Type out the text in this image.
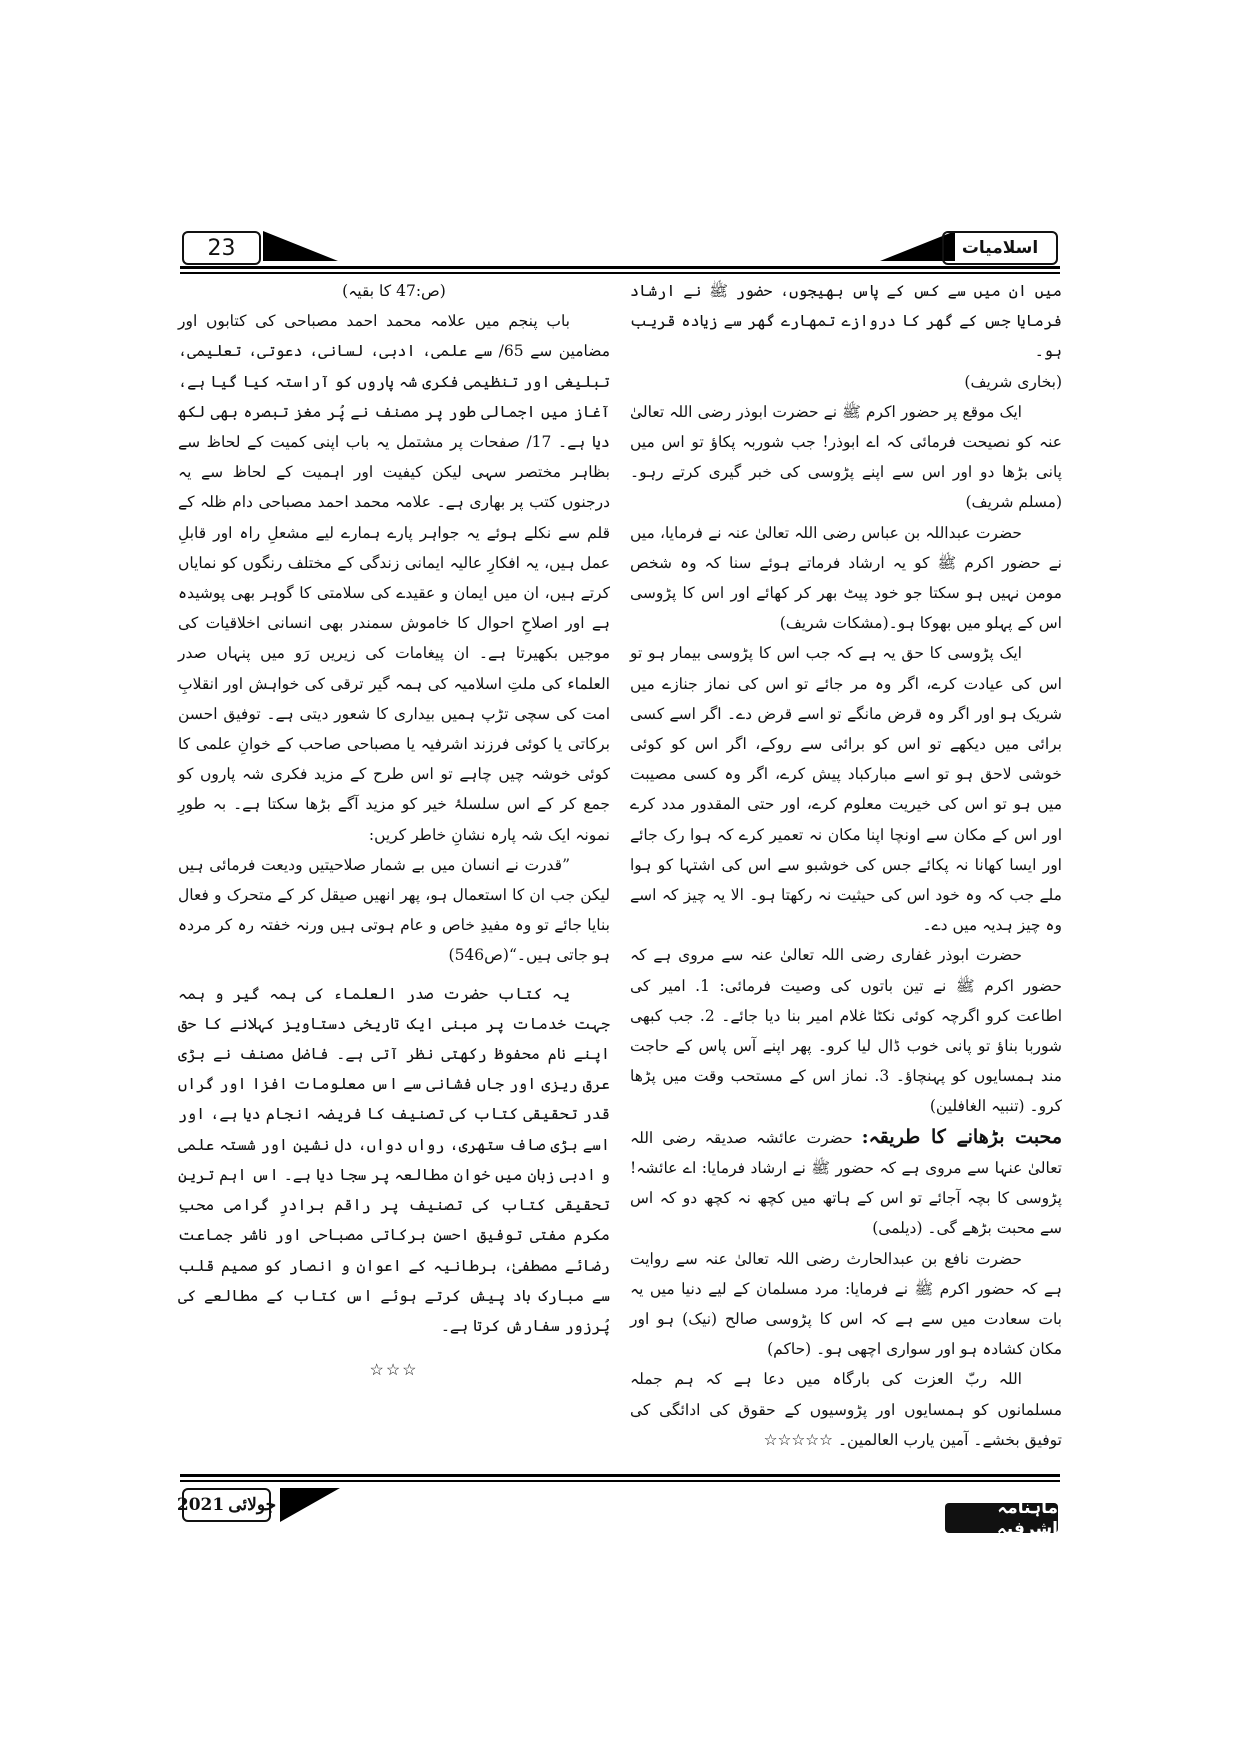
23	اسلامیات

میں ان میں سے کس کے پاس بھیجوں، حضور ﷺ نے ارشاد فرمایا جس کے گھر کا دروازے تمھارے گھر سے زیادہ قریب ہو۔

(بخاری شریف)

ایک موقع پر حضور اکرم ﷺ نے حضرت ابوذر رضی اللہ تعالیٰ عنہ کو نصیحت فرمائی کہ اے ابوذر! جب شوربہ پکاؤ تو اس میں پانی بڑھا دو اور اس سے اپنے پڑوسی کی خبر گیری کرتے رہو۔(مسلم شریف)

حضرت عبداللہ بن عباس رضی اللہ تعالیٰ عنہ نے فرمایا، میں نے حضور اکرم ﷺ کو یہ ارشاد فرماتے ہوئے سنا کہ وہ شخص مومن نہیں ہو سکتا جو خود پیٹ بھر کر کھائے اور اس کا پڑوسی اس کے پہلو میں بھوکا ہو۔(مشکات شریف)

ایک پڑوسی کا حق یہ ہے کہ جب اس کا پڑوسی بیمار ہو تو اس کی عیادت کرے، اگر وہ مر جائے تو اس کی نماز جنازے میں شریک ہو اور اگر وہ قرض مانگے تو اسے قرض دے۔ اگر اسے کسی برائی میں دیکھے تو اس کو برائی سے روکے، اگر اس کو کوئی خوشی لاحق ہو تو اسے مبارکباد پیش کرے، اگر وہ کسی مصیبت میں ہو تو اس کی خیریت معلوم کرے، اور حتی المقدور مدد کرے اور اس کے مکان سے اونچا اپنا مکان نہ تعمیر کرے کہ ہوا رک جائے اور ایسا کھانا نہ پکائے جس کی خوشبو سے اس کی اشتہا کو ہوا ملے جب کہ وہ خود اس کی حیثیت نہ رکھتا ہو۔ الا یہ چیز کہ اسے وہ چیز ہدیہ میں دے۔

حضرت ابوذر غفاری رضی اللہ تعالیٰ عنہ سے مروی ہے کہ حضور اکرم ﷺ نے تین باتوں کی وصیت فرمائی: 1. امیر کی اطاعت کرو اگرچہ کوئی نکٹا غلام امیر بنا دیا جائے۔ 2. جب کبھی شوربا بناؤ تو پانی خوب ڈال لیا کرو۔ پھر اپنے آس پاس کے حاجت مند ہمسایوں کو پہنچاؤ۔ 3. نماز اس کے مستحب وقت میں پڑھا کرو۔ (تنبیہ الغافلین)

محبت بڑھانے کا طریقہ: حضرت عائشہ صدیقہ رضی اللہ تعالیٰ عنہا سے مروی ہے کہ حضور ﷺ نے ارشاد فرمایا: اے عائشہ! پڑوسی کا بچہ آجائے تو اس کے ہاتھ میں کچھ نہ کچھ دو کہ اس سے محبت بڑھے گی۔ (دیلمی)

حضرت نافع بن عبدالحارث رضی اللہ تعالیٰ عنہ سے روایت ہے کہ حضور اکرم ﷺ نے فرمایا: مرد مسلمان کے لیے دنیا میں یہ بات سعادت میں سے ہے کہ اس کا پڑوسی صالح (نیک) ہو اور مکان کشادہ ہو اور سواری اچھی ہو۔ (حاکم)

اللہ ربّ العزت کی بارگاہ میں دعا ہے کہ ہم جملہ مسلمانوں کو ہمسایوں اور پڑوسیوں کے حقوق کی ادائگی کی توفیق بخشے۔ آمین یارب العالمین۔ ☆☆☆☆☆

(ص:47 کا بقیہ)

باب پنجم میں علامہ محمد احمد مصباحی کی کتابوں اور مضامین سے 65/ سے علمی، ادبی، لسانی، دعوتی، تعلیمی، تبلیغی اور تنظیمی فکری شہ پاروں کو آراستہ کیا گیا ہے، آغاز میں اجمالی طور پر مصنف نے پُر مغز تبصرہ بھی لکھ دیا ہے۔ 17/ صفحات پر مشتمل یہ باب اپنی کمیت کے لحاظ سے بظاہر مختصر سہی لیکن کیفیت اور اہمیت کے لحاظ سے یہ درجنوں کتب پر بھاری ہے۔ علامہ محمد احمد مصباحی دام ظلہ کے قلم سے نکلے ہوئے یہ جواہر پارے ہمارے لیے مشعلِ راہ اور قابلِ عمل ہیں، یہ افکارِ عالیہ ایمانی زندگی کے مختلف رنگوں کو نمایاں کرتے ہیں، ان میں ایمان و عقیدے کی سلامتی کا گوہر بھی پوشیدہ ہے اور اصلاحِ احوال کا خاموش سمندر بھی انسانی اخلاقیات کی موجیں بکھیرتا ہے۔ ان پیغامات کی زیریں رَو میں پنہاں صدر العلماء کی ملتِ اسلامیہ کی ہمہ گیر ترقی کی خواہش اور انقلابِ امت کی سچی تڑپ ہمیں بیداری کا شعور دیتی ہے۔ توفیق احسن برکاتی یا کوئی فرزند اشرفیہ یا مصباحی صاحب کے خوانِ علمی کا کوئی خوشہ چیں چاہے تو اس طرح کے مزید فکری شہ پاروں کو جمع کر کے اس سلسلۂ خیر کو مزید آگے بڑھا سکتا ہے۔ بہ طورِ نمونہ ایک شہ پارہ نشانِ خاطر کریں:

”قدرت نے انسان میں بے شمار صلاحیتیں ودیعت فرمائی ہیں لیکن جب ان کا استعمال ہو، پھر انھیں صیقل کر کے متحرک و فعال بنایا جائے تو وہ مفیدِ خاص و عام ہوتی ہیں ورنہ خفتہ رہ کر مردہ ہو جاتی ہیں۔“(ص546)

یہ کتاب حضرت صدر العلماء کی ہمہ گیر و ہمہ جہت خدمات پر مبنی ایک تاریخی دستاویز کہلانے کا حق اپنے نام محفوظ رکھتی نظر آتی ہے۔ فاضل مصنف نے بڑی عرق ریزی اور جاں فشانی سے اس معلومات افزا اور گراں قدر تحقیقی کتاب کی تصنیف کا فریضہ انجام دیا ہے، اور اسے بڑی صاف ستھری، رواں دواں، دل نشین اور شستہ علمی و ادبی زبان میں خوانِ مطالعہ پر سجا دیا ہے۔ اس اہم ترین تحقیقی کتاب کی تصنیف پر راقم برادرِ گرامی محبِ مکرم مفتی توفیق احسن برکاتی مصباحی اور ناشر جماعت رضائے مصطفیٰ، برطانیہ کے اعوان و انصار کو صمیم قلب سے مبارک باد پیش کرتے ہوئے اس کتاب کے مطالعے کی پُرزور سفارش کرتا ہے۔

☆☆☆

2021 جولائی	ماہنامہ اشرفیہ
